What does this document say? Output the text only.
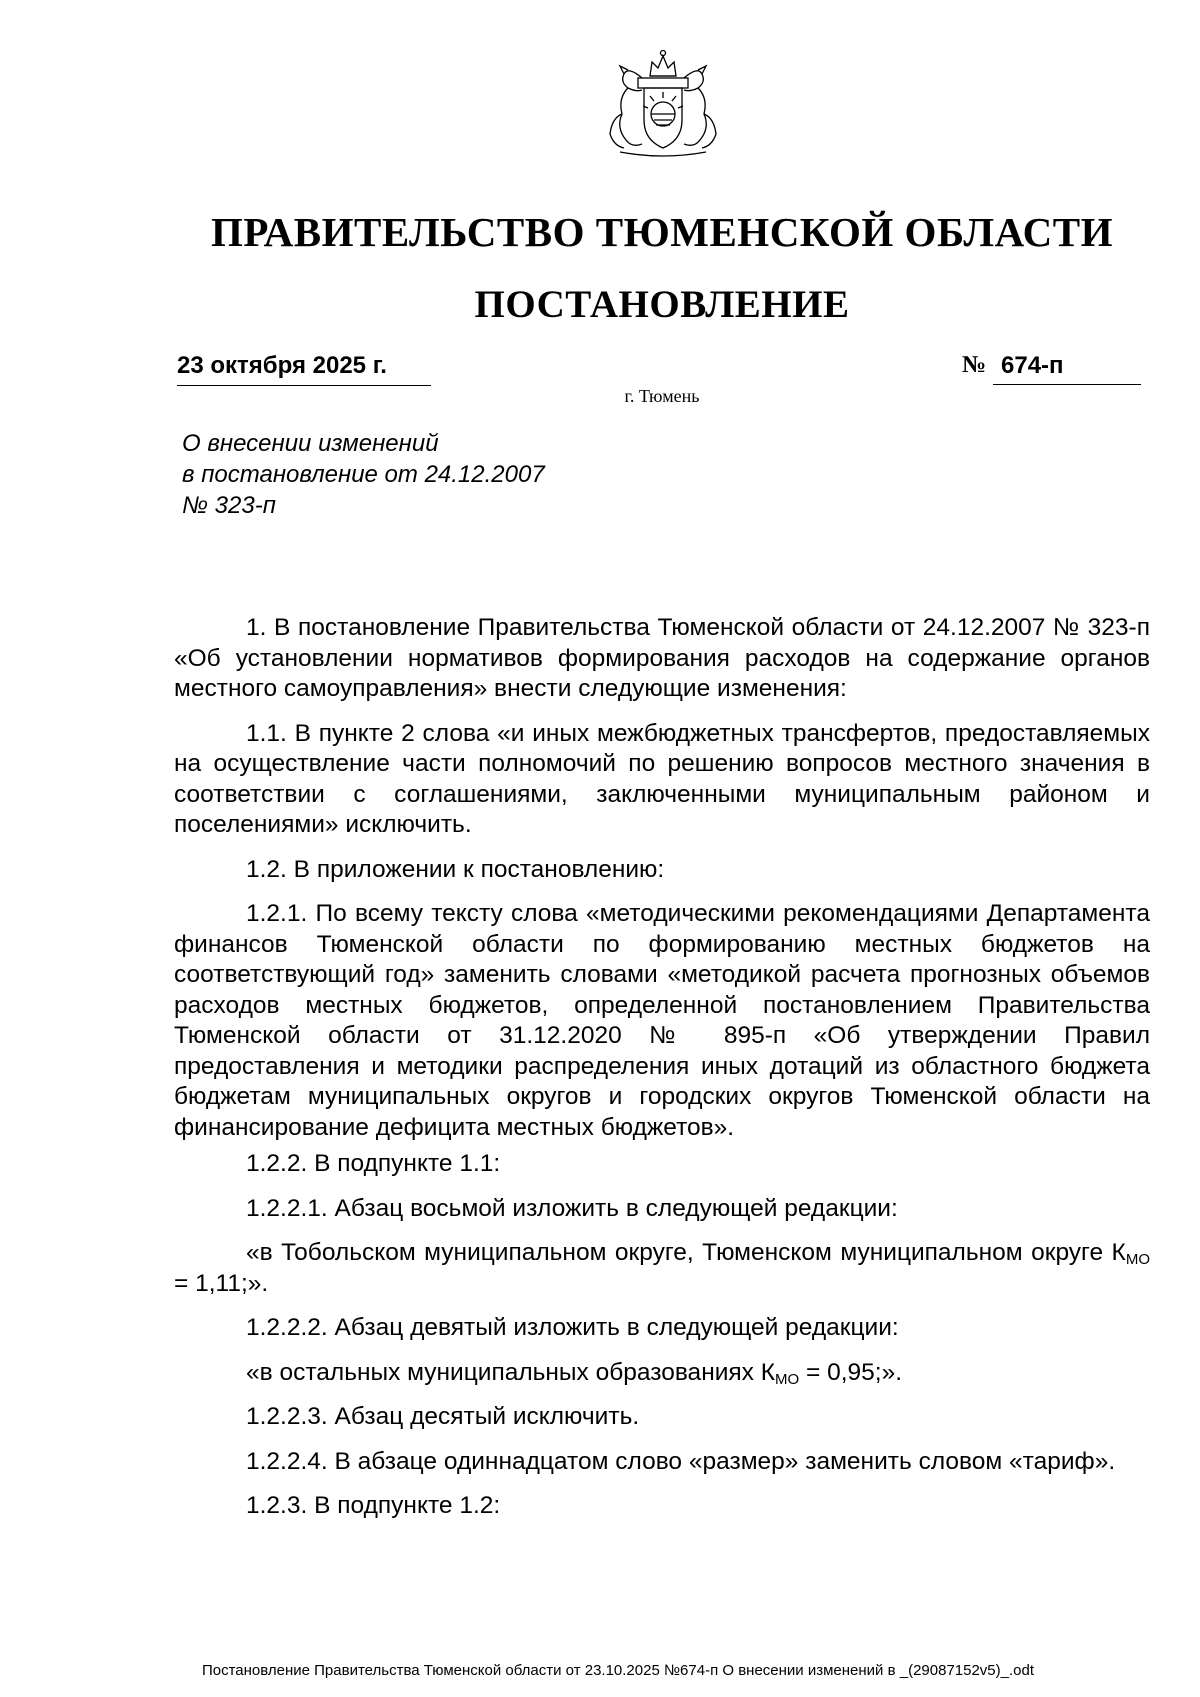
ПРАВИТЕЛЬСТВО ТЮМЕНСКОЙ ОБЛАСТИ
ПОСТАНОВЛЕНИЕ
23 октября 2025 г.	№ 674-п
г. Тюмень
О внесении изменений
в постановление от 24.12.2007
№ 323-п

1. В постановление Правительства Тюменской области от 24.12.2007 № 323-п «Об установлении нормативов формирования расходов на содержание органов местного самоуправления» внести следующие изменения:

1.1. В пункте 2 слова «и иных межбюджетных трансфертов, предоставляемых на осуществление части полномочий по решению вопросов местного значения в соответствии с соглашениями, заключенными муниципальным районом и поселениями» исключить.

1.2. В приложении к постановлению:

1.2.1. По всему тексту слова «методическими рекомендациями Департамента финансов Тюменской области по формированию местных бюджетов на соответствующий год» заменить словами «методикой расчета прогнозных объемов расходов местных бюджетов, определенной постановлением Правительства Тюменской области от 31.12.2020 № 895-п «Об утверждении Правил предоставления и методики распределения иных дотаций из областного бюджета бюджетам муниципальных округов и городских округов Тюменской области на финансирование дефицита местных бюджетов».

1.2.2. В подпункте 1.1:

1.2.2.1. Абзац восьмой изложить в следующей редакции:

«в Тобольском муниципальном округе, Тюменском муниципальном округе $К_{МО} = 1,11$;».

1.2.2.2. Абзац девятый изложить в следующей редакции:

«в остальных муниципальных образованиях $К_{МО} = 0,95$;».

1.2.2.3. Абзац десятый исключить.

1.2.2.4. В абзаце одиннадцатом слово «размер» заменить словом «тариф».

1.2.3. В подпункте 1.2:

Постановление Правительства Тюменской области от 23.10.2025 №674-п О внесении изменений в _(29087152v5)_.odt
